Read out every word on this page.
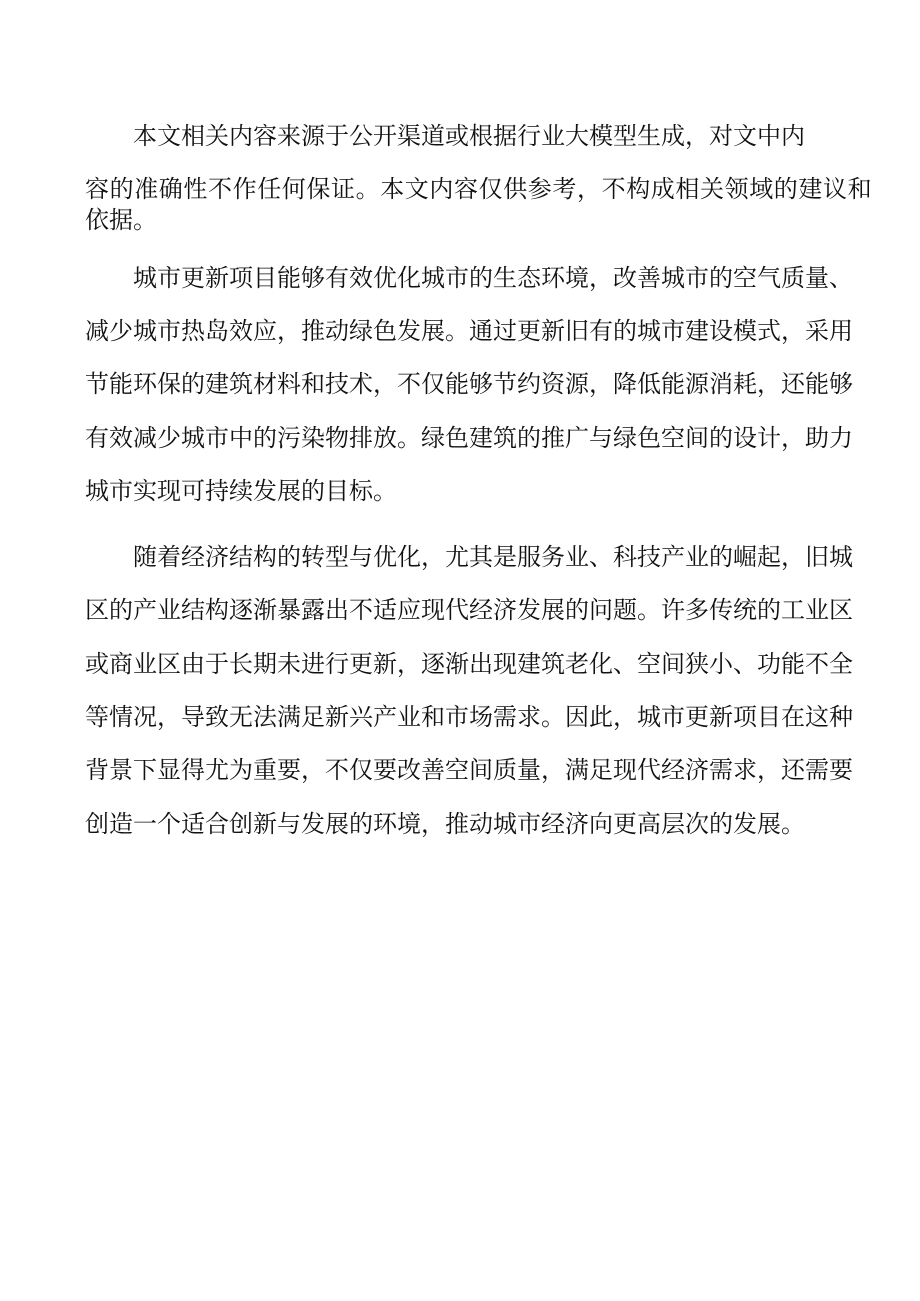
本文相关内容来源于公开渠道或根据行业大模型生成，对文中内

容的准确性不作任何保证。本文内容仅供参考，不构成相关领域的建议和

依据。

城市更新项目能够有效优化城市的生态环境，改善城市的空气质量、

减少城市热岛效应，推动绿色发展。通过更新旧有的城市建设模式，采用

节能环保的建筑材料和技术，不仅能够节约资源，降低能源消耗，还能够

有效减少城市中的污染物排放。绿色建筑的推广与绿色空间的设计，助力

城市实现可持续发展的目标。

随着经济结构的转型与优化，尤其是服务业、科技产业的崛起，旧城

区的产业结构逐渐暴露出不适应现代经济发展的问题。许多传统的工业区

或商业区由于长期未进行更新，逐渐出现建筑老化、空间狭小、功能不全

等情况，导致无法满足新兴产业和市场需求。因此，城市更新项目在这种

背景下显得尤为重要，不仅要改善空间质量，满足现代经济需求，还需要

创造一个适合创新与发展的环境，推动城市经济向更高层次的发展。
